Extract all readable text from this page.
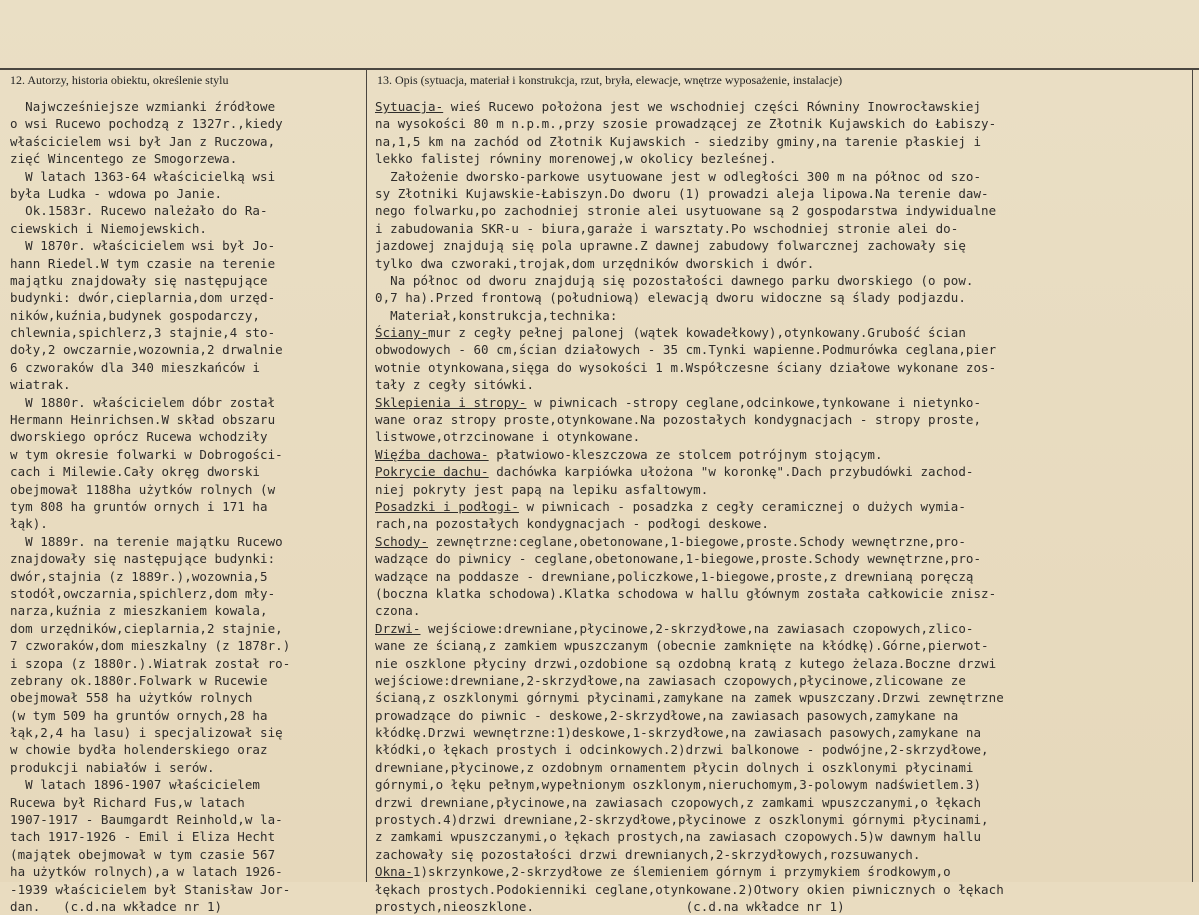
12. Autorzy, historia obiektu, określenie stylu	13. Opis (sytuacja, materiał i konstrukcja, rzut, bryła, elewacje, wnętrze wyposażenie, instalacje)
Najwcześniejsze wzmianki źródłowe
o wsi Rucewo pochodzą z 1327r.,kiedy
właścicielem wsi był Jan z Ruczowa,
zięć Wincentego ze Smogorzewa.
W latach 1363-64 właścicielką wsi
była Ludka - wdowa po Janie.
Ok.1583r. Rucewo należało do Ra-
ciewskich i Niemojewskich.
W 1870r. właścicielem wsi był Jo-
hann Riedel.W tym czasie na terenie
majątku znajdowały się następujące
budynki: dwór,cieplarnia,dom urzęd-
ników,kuźnia,budynek gospodarczy,
chlewnia,spichlerz,3 stajnie,4 sto-
doły,2 owczarnie,wozownia,2 drwalnie
6 czworaków dla 340 mieszkańców i
wiatrak.
W 1880r. właścicielem dóbr został
Hermann Heinrichsen.W skład obszaru
dworskiego oprócz Rucewa wchodziły
w tym okresie folwarki w Dobrogości-
cach i Milewie.Cały okręg dworski
obejmował 1188ha użytków rolnych (w
tym 808 ha gruntów ornych i 171 ha
łąk).
W 1889r. na terenie majątku Rucewo
znajdowały się następujące budynki:
dwór,stajnia (z 1889r.),wozownia,5
stodół,owczarnia,spichlerz,dom mły-
narza,kuźnia z mieszkaniem kowala,
dom urzędników,cieplarnia,2 stajnie,
7 czworaków,dom mieszkalny (z 1878r.)
i szopa (z 1880r.).Wiatrak został ro-
zebrany ok.1880r.Folwark w Rucewie
obejmował 558 ha użytków rolnych
(w tym 509 ha gruntów ornych,28 ha
łąk,2,4 ha lasu) i specjalizował się
w chowie bydła holenderskiego oraz
produkcji nabiałów i serów.
W latach 1896-1907 właścicielem
Rucewa był Richard Fus,w latach
1907-1917 - Baumgardt Reinhold,w la-
tach 1917-1926 - Emil i Eliza Hecht
(majątek obejmował w tym czasie 567
ha użytków rolnych),a w latach 1926-
-1939 właścicielem był Stanisław Jor-
dan.   (c.d.na wkładce nr 1)
Sytuacja- wieś Rucewo położona jest we wschodniej części Równiny Inowrocławskiej
na wysokości 80 m n.p.m.,przy szosie prowadzącej ze Złotnik Kujawskich do Łabiszy-
na,1,5 km na zachód od Złotnik Kujawskich - siedziby gminy,na tarenie płaskiej i
lekko falistej równiny morenowej,w okolicy bezleśnej.
Założenie dworsko-parkowe usytuowane jest w odległości 300 m na północ od szo-
sy Złotniki Kujawskie-Łabiszyn.Do dworu (1) prowadzi aleja lipowa.Na terenie daw-
nego folwarku,po zachodniej stronie alei usytuowane są 2 gospodarstwa indywidualne
i zabudowania SKR-u - biura,garaże i warsztaty.Po wschodniej stronie alei do-
jazdowej znajdują się pola uprawne.Z dawnej zabudowy folwarcznej zachowały się
tylko dwa czworaki,trojak,dom urzędników dworskich i dwór.
Na północ od dworu znajdują się pozostałości dawnego parku dworskiego (o pow.
0,7 ha).Przed frontową (południową) elewacją dworu widoczne są ślady podjazdu.
Materiał,konstrukcja,technika:
Ściany-mur z cegły pełnej palonej (wątek kowadełkowy),otynkowany.Grubość ścian
obwodowych - 60 cm,ścian działowych - 35 cm.Tynki wapienne.Podmurówka ceglana,pier
wotnie otynkowana,sięga do wysokości 1 m.Współczesne ściany działowe wykonane zos-
tały z cegły sitówki.
Sklepienia i stropy- w piwnicach -stropy ceglane,odcinkowe,tynkowane i nietynko-
wane oraz stropy proste,otynkowane.Na pozostałych kondygnacjach - stropy proste,
listwowe,otrzcinowane i otynkowane.
Więźba dachowa- płatwiowo-kleszczowa ze stolcem potrójnym stojącym.
Pokrycie dachu- dachówka karpiówka ułożona "w koronkę".Dach przybudówki zachod-
niej pokryty jest papą na lepiku asfaltowym.
Posadzki i podłogi- w piwnicach - posadzka z cegły ceramicznej o dużych wymia-
rach,na pozostałych kondygnacjach - podłogi deskowe.
Schody- zewnętrzne:ceglane,obetonowane,1-biegowe,proste.Schody wewnętrzne,pro-
wadzące do piwnicy - ceglane,obetonowane,1-biegowe,proste.Schody wewnętrzne,pro-
wadzące na poddasze - drewniane,policzkowe,1-biegowe,proste,z drewnianą poręczą
(boczna klatka schodowa).Klatka schodowa w hallu głównym została całkowicie znisz-
czona.
Drzwi- wejściowe:drewniane,płycinowe,2-skrzydłowe,na zawiasach czopowych,zlico-
wane ze ścianą,z zamkiem wpuszczanym (obecnie zamknięte na kłódkę).Górne,pierwot-
nie oszklone płyciny drzwi,ozdobione są ozdobną kratą z kutego żelaza.Boczne drzwi
wejściowe:drewniane,2-skrzydłowe,na zawiasach czopowych,płycinowe,zlicowane ze
ścianą,z oszklonymi górnymi płycinami,zamykane na zamek wpuszczany.Drzwi zewnętrzne
prowadzące do piwnic - deskowe,2-skrzydłowe,na zawiasach pasowych,zamykane na
kłódkę.Drzwi wewnętrzne:1)deskowe,1-skrzydłowe,na zawiasach pasowych,zamykane na
kłódki,o łękach prostych i odcinkowych.2)drzwi balkonowe - podwójne,2-skrzydłowe,
drewniane,płycinowe,z ozdobnym ornamentem płycin dolnych i oszklonymi płycinami
górnymi,o łęku pełnym,wypełnionym oszklonym,nieruchomym,3-polowym nadświetlem.3)
drzwi drewniane,płycinowe,na zawiasach czopowych,z zamkami wpuszczanymi,o łękach
prostych.4)drzwi drewniane,2-skrzydłowe,płycinowe z oszklonymi górnymi płycinami,
z zamkami wpuszczanymi,o łękach prostych,na zawiasach czopowych.5)w dawnym hallu
zachowały się pozostałości drzwi drewnianych,2-skrzydłowych,rozsuwanych.
Okna-1)skrzynkowe,2-skrzydłowe ze ślemieniem górnym i przymykiem środkowym,o
łękach prostych.Podokienniki ceglane,otynkowane.2)Otwory okien piwnicznych o łękach
prostych,nieoszklone.                    (c.d.na wkładce nr 1)
